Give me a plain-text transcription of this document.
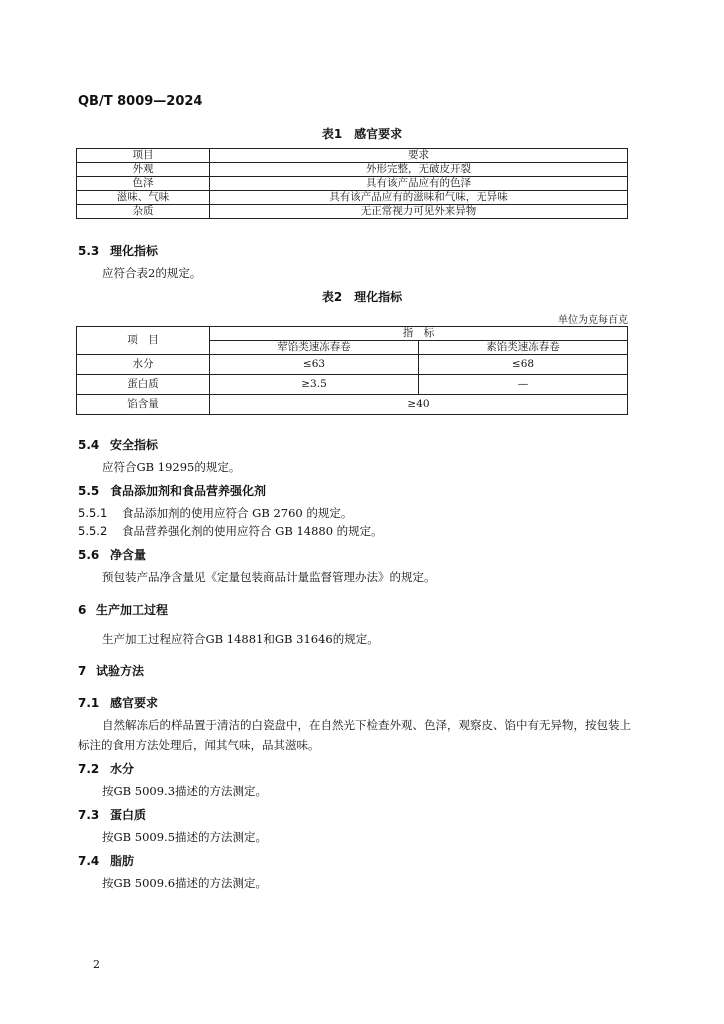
QB/T 8009—2024
表1　感官要求
项目	要求
外观	外形完整，无破皮开裂
色泽	具有该产品应有的色泽
滋味、气味	具有该产品应有的滋味和气味，无异味
杂质	无正常视力可见外来异物
5.3 理化指标
应符合表2的规定。
表2　理化指标
单位为克每百克
项　目	指　标	
	荤馅类速冻春卷	素馅类速冻春卷
水分	≤63	≤68
蛋白质	≥3.5	—
馅含量	≥40	
5.4 安全指标
应符合GB 19295的规定。
5.5 食品添加剂和食品营养强化剂
5.5.1 食品添加剂的使用应符合 GB 2760 的规定。
5.5.2 食品营养强化剂的使用应符合 GB 14880 的规定。
5.6 净含量
预包装产品净含量见《定量包装商品计量监督管理办法》的规定。
6 生产加工过程
生产加工过程应符合GB 14881和GB 31646的规定。
7 试验方法
7.1 感官要求
自然解冻后的样品置于清洁的白瓷盘中，在自然光下检查外观、色泽，观察皮、馅中有无异物，按包装上标注的食用方法处理后，闻其气味，品其滋味。
7.2 水分
按GB 5009.3描述的方法测定。
7.3 蛋白质
按GB 5009.5描述的方法测定。
7.4 脂肪
按GB 5009.6描述的方法测定。
2
